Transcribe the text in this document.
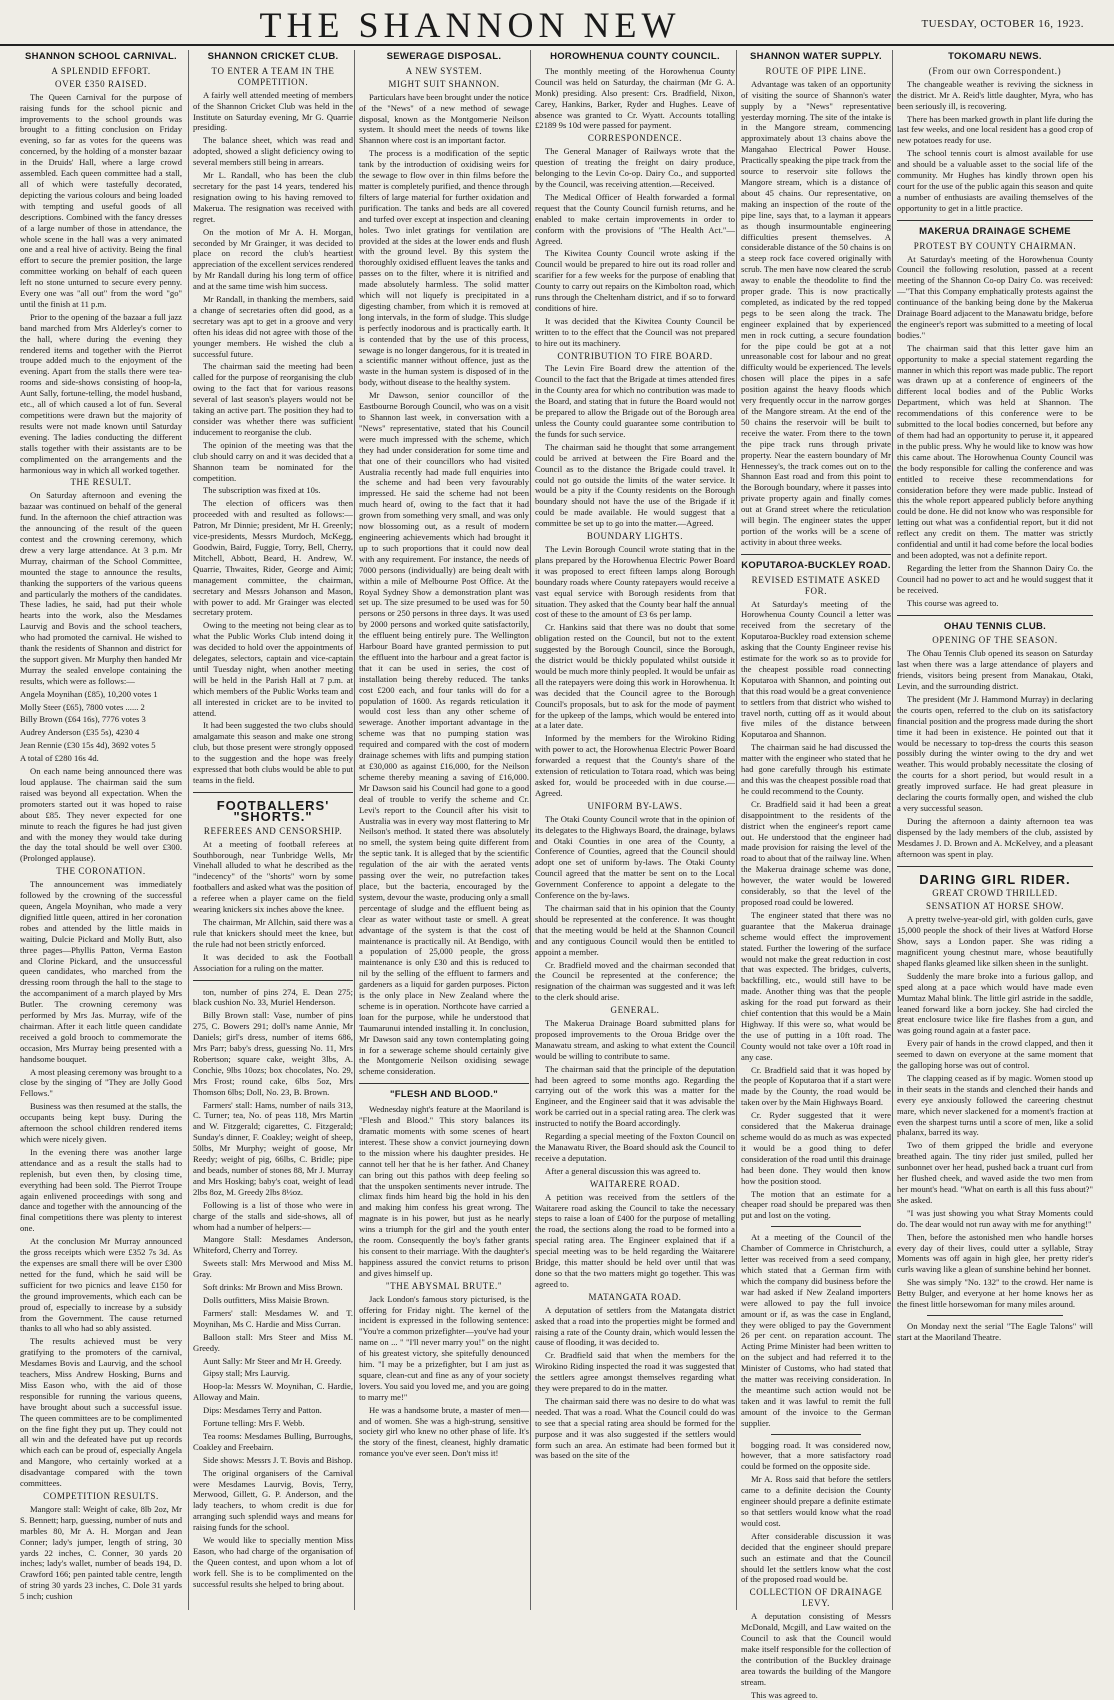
THE SHANNON NEW	TUESDAY, OCTOBER 16, 1923.
SHANNON SCHOOL CARNIVAL.
A SPLENDID EFFORT.
OVER £350 RAISED.

The Queen Carnival for the purpose of raising funds for the school picnic and improvements to the school grounds was brought to a fitting conclusion on Friday evening, so far as votes for the queens was concerned, by the holding of a monster bazaar in the Druids' Hall, where a large crowd assembled. Each queen committee had a stall, all of which were tastefully decorated, depicting the various colours and being loaded with tempting and useful goods of all descriptions. Combined with the fancy dresses of a large number of those in attendance, the whole scene in the hall was a very animated one and a real hive of activity. Being the final effort to secure the premier position, the large committee working on behalf of each queen left no stone unturned to secure every penny. Every one was "all out" from the word "go" until the finish at 11 p.m.

Prior to the opening of the bazaar a full jazz band marched from Mrs Alderley's corner to the hall, where during the evening they rendered items and together with the Pierrot troupe added much to the enjoyment of the evening. Apart from the stalls there were tea-rooms and side-shows consisting of hoop-la, Aunt Sally, fortune-telling, the model husband, etc., all of which caused a lot of fun. Several competitions were drawn but the majority of results were not made known until Saturday evening. The ladies conducting the different stalls together with their assistants are to be complimented on the arrangements and the harmonious way in which all worked together.

THE RESULT.

On Saturday afternoon and evening the bazaar was continued on behalf of the general fund. In the afternoon the chief attraction was the announcing of the result of the queen contest and the crowning ceremony, which drew a very large attendance. At 3 p.m. Mr Murray, chairman of the School Committee, mounted the stage to announce the results, thanking the supporters of the various queens and particularly the mothers of the candidates. These ladies, he said, had put their whole hearts into the work, also the Mesdames Laurvig and Bovis and the school teachers, who had promoted the carnival. He wished to thank the residents of Shannon and district for the support given. Mr Murphy then handed Mr Murray the sealed envelope containing the results, which were as follows:—

Angela Moynihan (£85), 10,200 votes 1

Molly Steer (£65), 7800 votes ...... 2

Billy Brown (£64 16s), 7776 votes 3

Audrey Anderson (£35 5s), 4230 4

Jean Rennie (£30 15s 4d), 3692 votes 5

A total of £280 16s 4d.

On each name being announced there was loud applause. The chairman said the sum raised was beyond all expectation. When the promoters started out it was hoped to raise about £85. They never expected for one minute to reach the figures he had just given and with the money they would take during the day the total should be well over £300. (Prolonged applause).

THE CORONATION.

The announcement was immediately followed by the crowning of the successful queen, Angela Moynihan, who made a very dignified little queen, attired in her coronation robes and attended by the little maids in waiting, Dulcie Pickard and Molly Butt, also three pages—Phyllis Patton, Verma Easton and Clorine Pickard, and the unsuccessful queen candidates, who marched from the dressing room through the hall to the stage to the accompaniment of a march played by Mrs Butler. The crowning ceremony was performed by Mrs Jas. Murray, wife of the chairman. After it each little queen candidate received a gold brooch to commemorate the occasion, Mrs Murray being presented with a handsome bouquet.

A most pleasing ceremony was brought to a close by the singing of "They are Jolly Good Fellows."

Business was then resumed at the stalls, the occupants being kept busy. During the afternoon the school children rendered items which were nicely given.

In the evening there was another large attendance and as a result the stalls had to replenish, but even then, by closing time, everything had been sold. The Pierrot Troupe again enlivened proceedings with song and dance and together with the announcing of the final competitions there was plenty to interest one.

At the conclusion Mr Murray announced the gross receipts which were £352 7s 3d. As the expenses are small there will be over £300 netted for the fund, which he said will be sufficient for two picnics and leave £150 for the ground improvements, which each can be proud of, especially to increase by a subsidy from the Government. The cause returned thanks to all who had so ably assisted.

The results achieved must be very gratifying to the promoters of the carnival, Mesdames Bovis and Laurvig, and the school teachers, Miss Andrew Hosking, Burns and Miss Eason who, with the aid of those responsible for running the various queens, have brought about such a successful issue. The queen committees are to be complimented on the fine fight they put up. They could not all win and the defeated have put up records which each can be proud of, especially Angela and Mangore, who certainly worked at a disadvantage compared with the town committees.

COMPETITION RESULTS.

Mangore stall: Weight of cake, 8lb 2oz, Mr S. Bennett; harp, guessing, number of nuts and marbles 80, Mr A. H. Morgan and Jean Conner; lady's jumper, length of string, 30 yards 22 inches, C. Conner, 30 yards 20 inches; lady's wallet, number of beads 194, D. Crawford 166; pen painted table centre, length of string 30 yards 23 inches, C. Dole 31 yards 5 inch; cushion

SHANNON CRICKET CLUB.
TO ENTER A TEAM IN THE COMPETITION.

A fairly well attended meeting of members of the Shannon Cricket Club was held in the Institute on Saturday evening, Mr G. Quarrie presiding.

The balance sheet, which was read and adopted, showed a slight deficiency owing to several members still being in arrears.

Mr L. Randall, who has been the club secretary for the past 14 years, tendered his resignation owing to his having removed to Makerua. The resignation was received with regret.

On the motion of Mr A. H. Morgan, seconded by Mr Grainger, it was decided to place on record the club's heartiest appreciation of the excellent services rendered by Mr Randall during his long term of office and at the same time wish him success.

Mr Randall, in thanking the members, said a change of secretaries often did good, as a secretary was apt to get in a groove and very often his ideas did not agree with those of the younger members. He wished the club a successful future.

The chairman said the meeting had been called for the purpose of reorganising the club owing to the fact that for various reasons several of last season's players would not be taking an active part. The position they had to consider was whether there was sufficient inducement to reorganise the club.

The opinion of the meeting was that the club should carry on and it was decided that a Shannon team be nominated for the competition.

The subscription was fixed at 10s.

The election of officers was then proceeded with and resulted as follows:— Patron, Mr Dinnie; president, Mr H. Greenly; vice-presidents, Messrs Murdoch, McKegg, Goodwin, Baird, Fuggie, Torry, Bell, Cherry, Mitchell, Abbott, Beard, H. Andrew, W. Quarrie, Thwaites, Rider, George and Aimi; management committee, the chairman, secretary and Messrs Johanson and Mason, with power to add. Mr Grainger was elected secretary protem.

Owing to the meeting not being clear as to what the Public Works Club intend doing it was decided to hold over the appointments of delegates, selectors, captain and vice-captain until Tuesday night, when another meeting will be held in the Parish Hall at 7 p.m. at which members of the Public Works team and all interested in cricket are to be invited to attend.

It had been suggested the two clubs should amalgamate this season and make one strong club, but those present were strongly opposed to the suggestion and the hope was freely expressed that both clubs would be able to put teams in the field.

FOOTBALLERS' "SHORTS."
REFEREES AND CENSORSHIP.

At a meeting of football referees at Southborough, near Tunbridge Wells, Mr Vinehall alluded to what he described as the "indecency" of the "shorts" worn by some footballers and asked what was the position of a referee when a player came on the field wearing knickers six inches above the knee.

The chairman, Mr Allchin, said there was a rule that knickers should meet the knee, but the rule had not been strictly enforced.

It was decided to ask the Football Association for a ruling on the matter.

ton, number of pins 274, E. Dean 275; black cushion No. 33, Muriel Henderson.

Billy Brown stall: Vase, number of pins 275, C. Bowers 291; doll's name Annie, Mr Daniels; girl's dress, number of items 686, Mrs Parr; baby's dress, guessing No. 11, Mrs Robertson; square cake, weight 3lbs, A. Conchie, 9lbs 10ozs; box chocolates, No. 29, Mrs Frost; round cake, 6lbs 5oz, Mrs Thomson 6lbs; Doll, No. 23, B. Brown.

Farmers' stall: Hams, number of nails 313, C. Turner; tea, No. of peas 118, Mrs Martin and W. Fitzgerald; cigarettes, C. Fitzgerald; Sunday's dinner, F. Coakley; weight of sheep, 50lbs, Mr Murphy; weight of goose, Mr Reedy; weight of pig, 66lbs, C. Bridle; pipe and beads, number of stones 88, Mr J. Murray and Mrs Hosking; baby's coat, weight of lead 2lbs 8oz, M. Greedy 2lbs 8½oz.

Following is a list of those who were in charge of the stalls and side-shows, all of whom had a number of helpers:—

Mangore Stall: Mesdames Anderson, Whiteford, Cherry and Torrey.

Sweets stall: Mrs Merwood and Miss M. Gray.

Soft drinks: Mr Brown and Miss Brown.

Dolls outfitters, Miss Maisie Brown.

Farmers' stall: Mesdames W. and T. Moynihan, Ms C. Hardie and Miss Curran.

Balloon stall: Mrs Steer and Miss M. Greedy.

Aunt Sally: Mr Steer and Mr H. Greedy.

Gipsy stall; Mrs Laurvig.

Hoop-la: Messrs W. Moynihan, C. Hardie, Alloway and Main.

Dips: Mesdames Terry and Patton.

Fortune telling: Mrs F. Webb.

Tea rooms: Mesdames Bulling, Burroughs, Coakley and Freebairn.

Side shows: Messrs J. T. Bovis and Bishop.

The original organisers of the Carnival were Mesdames Laurvig, Bovis, Terry, Merwood, Gillett, G. P. Anderson, and the lady teachers, to whom credit is due for arranging such splendid ways and means for raising funds for the school.

We would like to specially mention Miss Eason, who had charge of the organisation of the Queen contest, and upon whom a lot of work fell. She is to be complimented on the successful results she helped to bring about.

SEWERAGE DISPOSAL.
A NEW SYSTEM.
MIGHT SUIT SHANNON.

Particulars have been brought under the notice of the "News" of a new method of sewage disposal, known as the Montgomerie Neilson system. It should meet the needs of towns like Shannon where cost is an important factor.

The process is a modification of the septic tank by the introduction of oxidising weirs for the sewage to flow over in thin films before the matter is completely purified, and thence through filters of large material for further oxidation and purification. The tanks and beds are all covered and turfed over except at inspection and cleaning holes. Two inlet gratings for ventilation are provided at the sides at the lower ends and flush with the ground level. By this system the thoroughly oxidised effluent leaves the tanks and passes on to the filter, where it is nitrified and made absolutely harmless. The solid matter which will not liquefy is precipitated in a digesting chamber, from which it is removed at long intervals, in the form of sludge. This sludge is perfectly inodorous and is practically earth. It is contended that by the use of this process, sewage is no longer dangerous, for it is treated in a scientific manner without offence, just as the waste in the human system is disposed of in the body, without disease to the healthy system.

Mr Dawson, senior councillor of the Eastbourne Borough Council, who was on a visit to Shannon last week, in conversation with a "News" representative, stated that his Council were much impressed with the scheme, which they had under consideration for some time and that one of their councillors who had visited Australia recently had made full enquiries into the scheme and had been very favourably impressed. He said the scheme had not been much heard of, owing to the fact that it had grown from something very small, and was only now blossoming out, as a result of modern engineering achievements which had brought it up to such proportions that it could now deal with any requirement. For instance, the needs of 7000 persons (individually) are being dealt with within a mile of Melbourne Post Office. At the Royal Sydney Show a demonstration plant was set up. The size presumed to be used was for 50 persons or 250 persons in three days. It was used by 2000 persons and worked quite satisfactorily, the effluent being entirely pure. The Wellington Harbour Board have granted permission to put the effluent into the harbour and a great factor is that it can be used in series, the cost of installation being thereby reduced. The tanks cost £200 each, and four tanks will do for a population of 1600. As regards reticulation it would cost less than any other scheme of sewerage. Another important advantage in the scheme was that no pumping station was required and compared with the cost of modern drainage schemes with lifts and pumping station at £30,000 as against £16,000, for the Neilson scheme thereby meaning a saving of £16,000. Mr Dawson said his Council had gone to a good deal of trouble to verify the scheme and Cr. Levi's report to the Council after his visit to Australia was in every way most flattering to Mr Neilson's method. It stated there was absolutely no smell, the system being quite different from the septic tank. It is alleged that by the scientific regulation of the air with the aerated vents passing over the weir, no putrefaction takes place, but the bacteria, encouraged by the system, devour the waste, producing only a small percentage of sludge and the effluent being as clear as water without taste or smell. A great advantage of the system is that the cost of maintenance is practically nil. At Bendigo, with a population of 25,000 people, the gross maintenance is only £30 and this is reduced to nil by the selling of the effluent to farmers and gardeners as a liquid for garden purposes. Picton is the only place in New Zealand where the scheme is in operation. Northcote have carried a loan for the purpose, while he understood that Taumarunui intended installing it. In conclusion, Mr Dawson said any town contemplating going in for a sewerage scheme should certainly give the Montgomerie Neilson oxidising sewage scheme consideration.

"FLESH AND BLOOD."

Wednesday night's feature at the Maoriland is "Flesh and Blood." This story balances its dramatic moments with some scenes of heart interest. These show a convict journeying down to the mission where his daughter presides. He cannot tell her that he is her father. And Chaney can bring out this pathos with deep feeling so that the unspoken sentiments never intrude. The climax finds him heard big the hold in his den and making him confess his great wrong. The magnate is in his power, but just as he nearly wins a triumph for the girl and the youth enter the room. Consequently the boy's father grants his consent to their marriage. With the daughter's happiness assured the convict returns to prison and gives himself up.

"THE ABYSMAL BRUTE."

Jack London's famous story picturised, is the offering for Friday night. The kernel of the incident is expressed in the following sentence: "You're a common prizefighter—you've had your name on ... " "I'll never marry you!" on the night of his greatest victory, she spitefully denounced him. "I may be a prizefighter, but I am just as square, clean-cut and fine as any of your society lovers. You said you loved me, and you are going to marry me!"

He was a handsome brute, a master of men—and of women. She was a high-strung, sensitive society girl who knew no other phase of life. It's the story of the finest, cleanest, highly dramatic romance you've ever seen. Don't miss it!

HOROWHENUA COUNTY COUNCIL.

The monthly meeting of the Horowhenua County Council was held on Saturday, the chairman (Mr G. A. Monk) presiding. Also present: Crs. Bradfield, Nixon, Carey, Hankins, Barker, Ryder and Hughes. Leave of absence was granted to Cr. Wyatt. Accounts totalling £2189 9s 10d were passed for payment.

CORRESPONDENCE.

The General Manager of Railways wrote that the question of treating the freight on dairy produce, belonging to the Levin Co-op. Dairy Co., and supported by the Council, was receiving attention.—Received.

The Medical Officer of Health forwarded a formal request that the County Council furnish returns, and he enabled to make certain improvements in order to conform with the provisions of "The Health Act."—Agreed.

The Kiwitea County Council wrote asking if the Council would be prepared to hire out its road roller and scarifier for a few weeks for the purpose of enabling that County to carry out repairs on the Kimbolton road, which runs through the Cheltenham district, and if so to forward conditions of hire.

It was decided that the Kiwitea County Council be written to to the effect that the Council was not prepared to hire out its machinery.

CONTRIBUTION TO FIRE BOARD.

The Levin Fire Board drew the attention of the Council to the fact that the Brigade at times attended fires in the County area for which no contribution was made to the Board, and stating that in future the Board would not be prepared to allow the Brigade out of the Borough area unless the County could guarantee some contribution to the funds for such service.

The chairman said he thought that some arrangement could be arrived at between the Fire Board and the Council as to the distance the Brigade could travel. It could not go outside the limits of the water service. It would be a pity if the County residents on the Borough boundary should not have the use of the Brigade if it could be made available. He would suggest that a committee be set up to go into the matter.—Agreed.

BOUNDARY LIGHTS.

The Levin Borough Council wrote stating that in the plans prepared by the Horowhenua Electric Power Board it was proposed to erect fifteen lamps along Borough boundary roads where County ratepayers would receive a vast equal service with Borough residents from that situation. They asked that the County bear half the annual cost of these to the amount of £3 6s per lamp.

Cr. Hankins said that there was no doubt that some obligation rested on the Council, but not to the extent suggested by the Borough Council, since the Borough, the district would be thickly populated whilst outside it would be much more thinly peopled. It would be unfair as all the ratepayers were doing this work in Horowhenua. It was decided that the Council agree to the Borough Council's proposals, but to ask for the mode of payment for the upkeep of the lamps, which would be entered into at a later date.

Informed by the members for the Wirokino Riding with power to act, the Horowhenua Electric Power Board forwarded a request that the County's share of the extension of reticulation to Totara road, which was being asked for, would be proceeded with in due course.—Agreed.

UNIFORM BY-LAWS.

The Otaki County Council wrote that in the opinion of its delegates to the Highways Board, the drainage, bylaws and Otaki Counties in one area of the County, a Conference of Counties, agreed that the Council should adopt one set of uniform by-laws. The Otaki County Council agreed that the matter be sent on to the Local Government Conference to appoint a delegate to the Conference on the by-laws.

The chairman said that in his opinion that the County should be represented at the conference. It was thought that the meeting would be held at the Shannon Council and any contiguous Council would then be entitled to appoint a member.

Cr. Bradfield moved and the chairman seconded that the Council be represented at the conference; the resignation of the chairman was suggested and it was left to the clerk should arise.

GENERAL.

The Makerua Drainage Board submitted plans for proposed improvements to the Oroua Bridge over the Manawatu stream, and asking to what extent the Council would be willing to contribute to same.

The chairman said that the principle of the deputation had been agreed to some months ago. Regarding the carrying out of the work this was a matter for the Engineer, and the Engineer said that it was advisable the work be carried out in a special rating area. The clerk was instructed to notify the Board accordingly.

Regarding a special meeting of the Foxton Council on the Manawatu River, the Board should ask the Council to receive a deputation.

After a general discussion this was agreed to.

WAITARERE ROAD.

A petition was received from the settlers of the Waitarere road asking the Council to take the necessary steps to raise a loan of £400 for the purpose of metalling the road, the sections along the road to be formed into a special rating area. The Engineer explained that if a special meeting was to be held regarding the Waitarere Bridge, this matter should be held over until that was done so that the two matters might go together. This was agreed to.

MATANGATA ROAD.

A deputation of settlers from the Matangata district asked that a road into the properties might be formed and raising a rate of the County drain, which would lessen the cause of flooding, it was decided to.

Cr. Bradfield said that when the members for the Wirokino Riding inspected the road it was suggested that the settlers agree amongst themselves regarding what they were prepared to do in the matter.

The chairman said there was no desire to do what was needed. That was a road. What the Council could do was to see that a special rating area should be formed for the purpose and it was also suggested if the settlers would form such an area. An estimate had been formed but it was based on the site of the

SHANNON WATER SUPPLY.
ROUTE OF PIPE LINE.

Advantage was taken of an opportunity of visiting the source of Shannon's water supply by a "News" representative yesterday morning. The site of the intake is in the Mangore stream, commencing approximately about 13 chains above the Mangahao Electrical Power House. Practically speaking the pipe track from the source to reservoir site follows the Mangore stream, which is a distance of about 45 chains. Our representative, on making an inspection of the route of the pipe line, says that, to a layman it appears as though insurmountable engineering difficulties present themselves. A considerable distance of the 50 chains is on a steep rock face covered originally with scrub. The men have now cleared the scrub away to enable the theodolite to find the proper grade. This is now practically completed, as indicated by the red topped pegs to be seen along the track. The engineer explained that by experienced men in rock cutting, a secure foundation for the pipe could be got at a not unreasonable cost for labour and no great difficulty would be experienced. The levels chosen will place the pipes in a safe position against the heavy floods which very frequently occur in the narrow gorges of the Mangore stream. At the end of the 50 chains the reservoir will be built to receive the water. From there to the town the pipe track runs through private property. Near the eastern boundary of Mr Hennessey's, the track comes out on to the Shannon East road and from this point to the Borough boundary, where it passes into private property again and finally comes out at Grand street where the reticulation will begin. The engineer states the upper portion of the works will be a scene of activity in about three weeks.

KOPUTAROA-BUCKLEY ROAD.
REVISED ESTIMATE ASKED FOR.

At Saturday's meeting of the Horowhenua County Council a letter was received from the secretary of the Koputaroa-Buckley road extension scheme asking that the County Engineer revise his estimate for the work so as to provide for the cheapest possible road connecting Koputaroa with Shannon, and pointing out that this road would be a great convenience to settlers from that district who wished to travel north, cutting off as it would about five miles of the distance between Koputaroa and Shannon.

The chairman said he had discussed the matter with the engineer who stated that he had gone carefully through his estimate and this was the cheapest possible road that he could recommend to the County.

Cr. Bradfield said it had been a great disappointment to the residents of the district when the engineer's report came out. He understood that the engineer had made provision for raising the level of the road to about that of the railway line. When the Makerua drainage scheme was done, however, the water would be lowered considerably, so that the level of the proposed road could be lowered.

The engineer stated that there was no guarantee that the Makerua drainage scheme would effect the improvement stated. Further the lowering of the surface would not make the great reduction in cost that was expected. The bridges, culverts, backfilling, etc., would still have to be made. Another thing was that the people asking for the road put forward as their chief contention that this would be a Main Highway. If this were so, what would be the use of putting in a 10ft road. The County would not take over a 10ft road in any case.

Cr. Bradfield said that it was hoped by the people of Koputaroa that if a start were made by the County, the road would be taken over by the Main Highways Board.

Cr. Ryder suggested that it were considered that the Makerua drainage scheme would do as much as was expected it would be a good thing to defer consideration of the road until this drainage had been done. They would then know how the position stood.

The motion that an estimate for a cheaper road should be prepared was then put and lost on the voting.

At a meeting of the Council of the Chamber of Commerce in Christchurch, a letter was received from a seed company, which stated that a German firm with which the company did business before the war had asked if New Zealand importers were allowed to pay the full invoice amount or if, as was the case in England, they were obliged to pay the Government 26 per cent. on reparation account. The Acting Prime Minister had been written to on the subject and had referred it to the Minister of Customs, who had stated that the matter was receiving consideration. In the meantime such action would not be taken and it was lawful to remit the full amount of the invoice to the German supplier.

bogging road. It was considered now, however, that a more satisfactory road could be formed on the opposite side.

Mr A. Ross said that before the settlers came to a definite decision the County engineer should prepare a definite estimate so that settlers would know what the road would cost.

After considerable discussion it was decided that the engineer should prepare such an estimate and that the Council should let the settlers know what the cost of the proposed road would be.

COLLECTION OF DRAINAGE LEVY.

A deputation consisting of Messrs McDonald, Mcgill, and Law waited on the Council to ask that the Council would make itself responsible for the collection of the contribution of the Buckley drainage area towards the building of the Mangore stream.

This was agreed to.

TOKOMARU NEWS.
(From our own Correspondent.)

The changeable weather is reviving the sickness in the district. Mr A. Reid's little daughter, Myra, who has been seriously ill, is recovering.

There has been marked growth in plant life during the last few weeks, and one local resident has a good crop of new potatoes ready for use.

The school tennis court is almost available for use and should be a valuable asset to the social life of the community. Mr Hughes has kindly thrown open his court for the use of the public again this season and quite a number of enthusiasts are availing themselves of the opportunity to get in a little practice.

MAKERUA DRAINAGE SCHEME
PROTEST BY COUNTY CHAIRMAN.

At Saturday's meeting of the Horowhenua County Council the following resolution, passed at a recent meeting of the Shannon Co-op Dairy Co. was received:—"That this Company emphatically protests against the continuance of the banking being done by the Makerua Drainage Board adjacent to the Manawatu bridge, before the engineer's report was submitted to a meeting of local bodies."

The chairman said that this letter gave him an opportunity to make a special statement regarding the manner in which this report was made public. The report was drawn up at a conference of engineers of the different local bodies and of the Public Works Department, which was held at Shannon. The recommendations of this conference were to be submitted to the local bodies concerned, but before any of them had had an opportunity to peruse it, it appeared in the public press. Why he would like to know was how this came about. The Horowhenua County Council was the body responsible for calling the conference and was entitled to receive these recommendations for consideration before they were made public. Instead of this the whole report appeared publicly before anything could be done. He did not know who was responsible for letting out what was a confidential report, but it did not reflect any credit on them. The matter was strictly confidential and until it had come before the local bodies and been adopted, was not a definite report.

Regarding the letter from the Shannon Dairy Co. the Council had no power to act and he would suggest that it be received.

This course was agreed to.

OHAU TENNIS CLUB.
OPENING OF THE SEASON.

The Ohau Tennis Club opened its season on Saturday last when there was a large attendance of players and friends, visitors being present from Manakau, Otaki, Levin, and the surrounding district.

The president (Mr J. Hammond Murray) in declaring the courts open, referred to the club on its satisfactory financial position and the progress made during the short time it had been in existence. He pointed out that it would be necessary to top-dress the courts this season possibly during the winter owing to the dry and wet weather. This would probably necessitate the closing of the courts for a short period, but would result in a greatly improved surface. He had great pleasure in declaring the courts formally open, and wished the club a very successful season.

During the afternoon a dainty afternoon tea was dispensed by the lady members of the club, assisted by Mesdames J. D. Brown and A. McKelvey, and a pleasant afternoon was spent in play.

DARING GIRL RIDER.
GREAT CROWD THRILLED.
SENSATION AT HORSE SHOW.

A pretty twelve-year-old girl, with golden curls, gave 15,000 people the shock of their lives at Watford Horse Show, says a London paper. She was riding a magnificent young chestnut mare, whose beautifully shaped flanks gleamed like silken sheen in the sunlight.

Suddenly the mare broke into a furious gallop, and sped along at a pace which would have made even Mumtaz Mahal blink. The little girl astride in the saddle, leaned forward like a born jockey. She had circled the great enclosure twice like fire flashes from a gun, and was going round again at a faster pace.

Every pair of hands in the crowd clapped, and then it seemed to dawn on everyone at the same moment that the galloping horse was out of control.

The clapping ceased as if by magic. Women stood up in their seats in the stands and clenched their hands and every eye anxiously followed the careering chestnut mare, which never slackened for a moment's fraction at even the sharpest turns until a score of men, like a solid phalanx, barred its way.

Two of them gripped the bridle and everyone breathed again. The tiny rider just smiled, pulled her sunbonnet over her head, pushed back a truant curl from her flushed cheek, and waved aside the two men from her mount's head. "What on earth is all this fuss about?" she asked.

"I was just showing you what Stray Moments could do. The dear would not run away with me for anything!"

Then, before the astonished men who handle horses every day of their lives, could utter a syllable, Stray Moments was off again in high glee, her pretty rider's curls waving like a glean of sunshine behind her bonnet.

She was simply "No. 132" to the crowd. Her name is Betty Bulger, and everyone at her home knows her as the finest little horsewoman for many miles around.

On Monday next the serial "The Eagle Talons" will start at the Maoriland Theatre.
